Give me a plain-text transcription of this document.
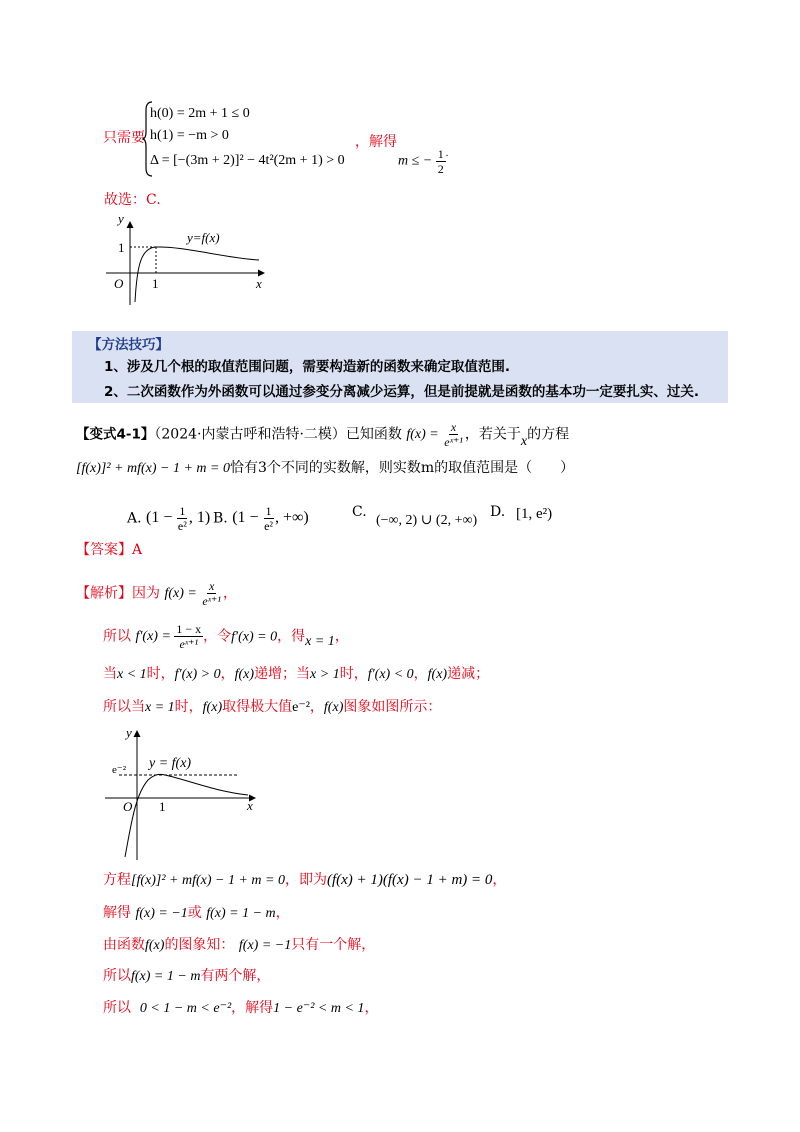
只需要
h(0) = 2m + 1 ≤ 0
h(1) = −m > 0
Δ = [−(3m + 2)]² − 4t²(2m + 1) > 0
，解得
m ≤ − $\frac{1}{2} ^.$
故选：C.
y
x
O
1
1
y=f(x)
【方法技巧】
1、涉及几个根的取值范围问题，需要构造新的函数来确定取值范围.
2、二次函数作为外函数可以通过参变分离减少运算，但是前提就是函数的基本功一定要扎实、过关.
【变式4-1】（2024·内蒙古呼和浩特·二模）已知函数 $f(x) = \frac{x}{\text{eˣ⁺¹}}$ ，若关于x的方程
[f(x)]² + mf(x) − 1 + m = 0恰有3个不同的实数解，则实数m的取值范围是（　　）
A. ($1 - \frac{1}{\text{e²}}$ , 1) B. ($1 - \frac{1}{\text{e²}}$ , +∞)	C.
(−∞, 2) ∪ (2, +∞)
D. [1, e²)
【答案】A
【解析】因为 $f(x) = \frac{x}{\text{eˣ⁺¹}}$ ，
所以 $f'(x) = \frac{1 - x}{\text{eˣ⁺¹}}$ ，令f′(x) = 0，得x = 1，
当x < 1时，f′(x) > 0，f(x)递增；当x > 1时，f′(x) < 0，f(x)递减；
所以当x = 1时，f(x)取得极大值e⁻²，f(x)图象如图所示：
y
x
O 1
e⁻² y = f(x)
方程[f(x)]² + mf(x) − 1 + m = 0，即为(f(x) + 1)(f(x) − 1 + m) = 0，
解得 f(x) = −1或 f(x) = 1 − m，
由函数f(x)的图象知： f(x) = −1只有一个解，
所以f(x) = 1 − m有两个解，
所以 0 < 1 − m < e⁻²，解得1 − e⁻² < m < 1，
